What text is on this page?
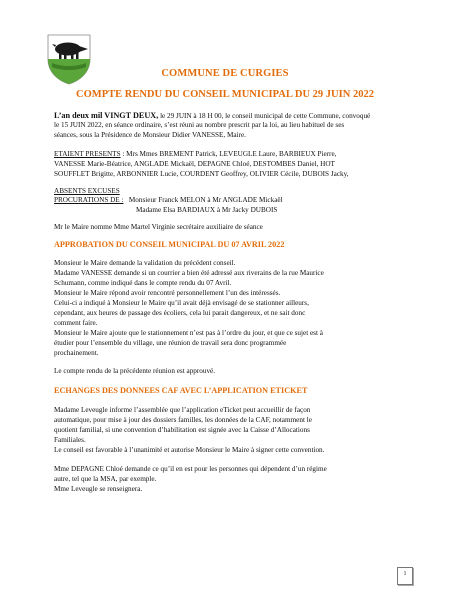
COMMUNE DE CURGIES
COMPTE RENDU DU CONSEIL MUNICIPAL DU 29 JUIN 2022

L’an deux mil VINGT DEUX, le 29 JUIN à 18 H 00, le conseil municipal de cette Commune, convoqué

le 15 JUIN 2022, en séance ordinaire, s’est réuni au nombre prescrit par la loi, au lieu habituel de ses

séances, sous la Présidence de Monsieur Didier VANESSE, Maire.

ETAIENT PRESENTS : Mrs Mmes BREMENT Patrick, LEVEUGLE Laure, BARBIEUX Pierre,

VANESSE Marie-Béatrice, ANGLADE Mickaël, DEPAGNE Chloé, DESTOMBES Daniel, HOT

SOUFFLET Brigitte, ARBONNIER Lucie, COURDENT Geoffrey, OLIVIER Cécile, DUBOIS Jacky,

ABSENTS EXCUSES

PROCURATIONS DE : Monsieur Franck MELON à Mr ANGLADE Mickaël

Madame Elsa BARDIAUX à Mr Jacky DUBOIS

Mr le Maire nomme Mme Martel Virginie secrétaire auxiliaire de séance

APPROBATION DU CONSEIL MUNICIPAL DU 07 AVRIL 2022

Monsieur le Maire demande la validation du précédent conseil.

Madame VANESSE demande si un courrier a bien été adressé aux riverains de la rue Maurice

Schumann, comme indiqué dans le compte rendu du 07 Avril.

Monsieur le Maire répond avoir rencontré personnellement l’un des intéressés.

Celui-ci a indiqué à Monsieur le Maire qu’il avait déjà envisagé de se stationner ailleurs,

cependant, aux heures de passage des écoliers, cela lui parait dangereux, et ne sait donc

comment faire.

Monsieur le Maire ajoute que le stationnement n’est pas à l’ordre du jour, et que ce sujet est à

étudier pour l’ensemble du village, une réunion de travail sera donc programmée

prochainement.

Le compte rendu de la précédente réunion est approuvé.

ECHANGES DES DONNEES CAF AVEC L’APPLICATION ETICKET

Madame Leveugle informe l’assemblée que l’application eTicket peut accueillir de façon

automatique, pour mise à jour des dossiers familles, les données de la CAF, notamment le

quotient familial, si une convention d’habilitation est signée avec la Caisse d’Allocations

Familiales.

Le conseil est favorable à l’unanimité et autorise Monsieur le Maire à signer cette convention.

Mme DEPAGNE Chloé demande ce qu’il en est pour les personnes qui dépendent d’un régime

autre, tel que la MSA, par exemple.

Mme Leveugle se renseignera.

1
